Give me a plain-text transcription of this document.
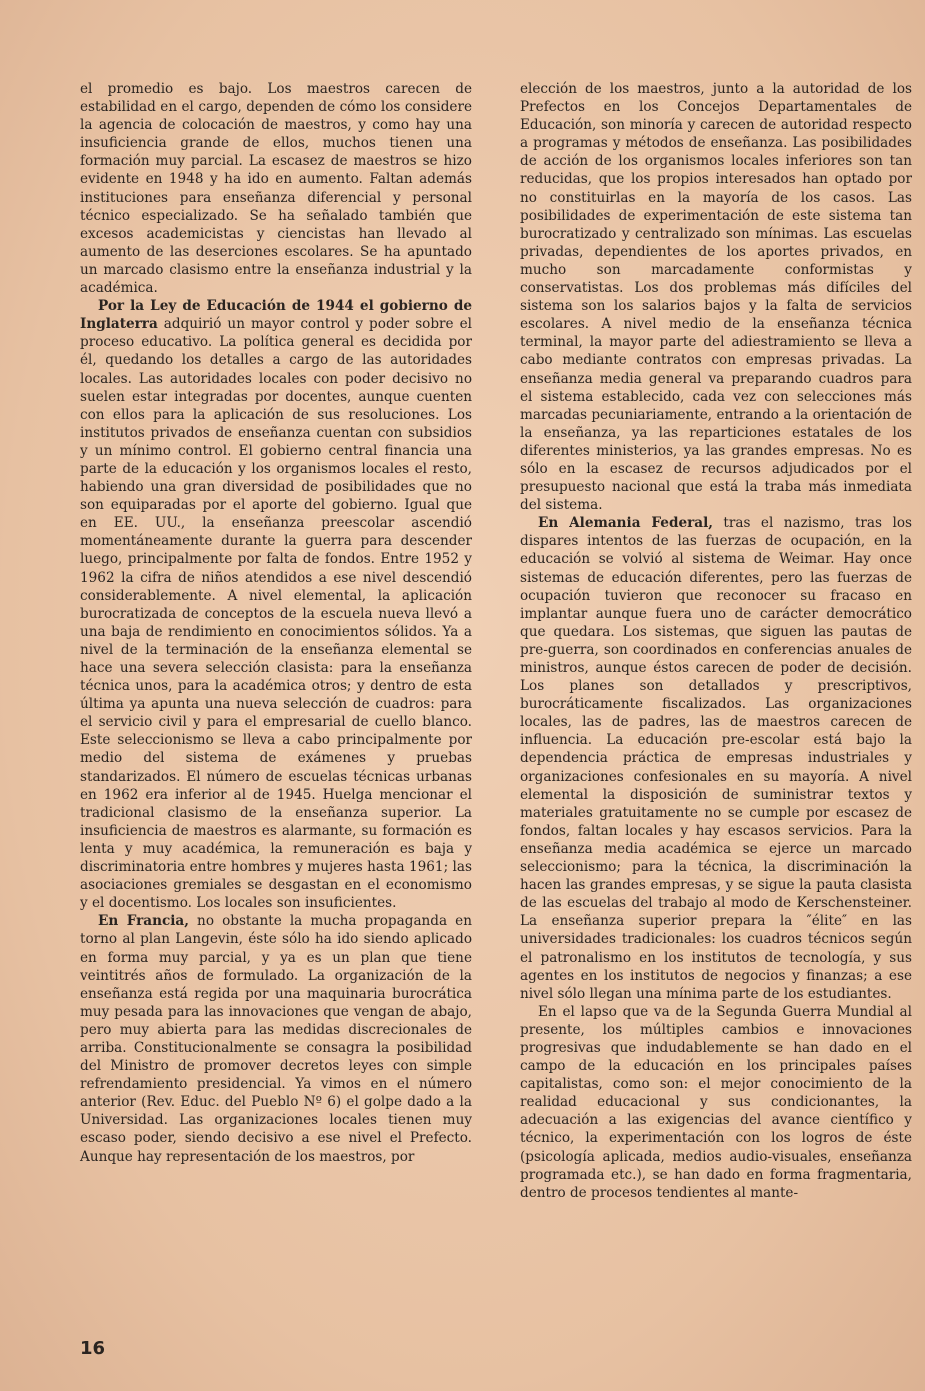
el promedio es bajo. Los maestros carecen de estabilidad en el cargo, dependen de cómo los considere la agencia de colocación de maestros, y como hay una insuficiencia grande de ellos, muchos tienen una formación muy parcial. La escasez de maestros se hizo evidente en 1948 y ha ido en aumento. Faltan además instituciones para enseñanza diferencial y personal técnico especializado. Se ha señalado también que excesos academicistas y ciencistas han llevado al aumento de las deserciones escolares. Se ha apuntado un marcado clasismo entre la enseñanza industrial y la académica.

Por la Ley de Educación de 1944 el gobierno de Inglaterra adquirió un mayor control y poder sobre el proceso educativo. La política general es decidida por él, quedando los detalles a cargo de las autoridades locales. Las autoridades locales con poder decisivo no suelen estar integradas por docentes, aunque cuenten con ellos para la aplicación de sus resoluciones. Los institutos privados de enseñanza cuentan con subsidios y un mínimo control. El gobierno central financia una parte de la educación y los organismos locales el resto, habiendo una gran diversidad de posibilidades que no son equiparadas por el aporte del gobierno. Igual que en EE. UU., la enseñanza preescolar ascendió momentáneamente durante la guerra para descender luego, principalmente por falta de fondos. Entre 1952 y 1962 la cifra de niños atendidos a ese nivel descendió considerablemente. A nivel elemental, la aplicación burocratizada de conceptos de la escuela nueva llevó a una baja de rendimiento en conocimientos sólidos. Ya a nivel de la terminación de la enseñanza elemental se hace una severa selección clasista: para la enseñanza técnica unos, para la académica otros; y dentro de esta última ya apunta una nueva selección de cuadros: para el servicio civil y para el empresarial de cuello blanco. Este seleccionismo se lleva a cabo principalmente por medio del sistema de exámenes y pruebas standarizados. El número de escuelas técnicas urbanas en 1962 era inferior al de 1945. Huelga mencionar el tradicional clasismo de la enseñanza superior. La insuficiencia de maestros es alarmante, su formación es lenta y muy académica, la remuneración es baja y discriminatoria entre hombres y mujeres hasta 1961; las asociaciones gremiales se desgastan en el economismo y el docentismo. Los locales son insuficientes.

En Francia, no obstante la mucha propaganda en torno al plan Langevin, éste sólo ha ido siendo aplicado en forma muy parcial, y ya es un plan que tiene veintitrés años de formulado. La organización de la enseñanza está regida por una maquinaria burocrática muy pesada para las innovaciones que vengan de abajo, pero muy abierta para las medidas discrecionales de arriba. Constitucionalmente se consagra la posibilidad del Ministro de promover decretos leyes con simple refrendamiento presidencial. Ya vimos en el número anterior (Rev. Educ. del Pueblo Nº 6) el golpe dado a la Universidad. Las organizaciones locales tienen muy escaso poder, siendo decisivo a ese nivel el Prefecto. Aunque hay representación de los maestros, por

elección de los maestros, junto a la autoridad de los Prefectos en los Concejos Departamentales de Educación, son minoría y carecen de autoridad respecto a programas y métodos de enseñanza. Las posibilidades de acción de los organismos locales inferiores son tan reducidas, que los propios interesados han optado por no constituirlas en la mayoría de los casos. Las posibilidades de experimentación de este sistema tan burocratizado y centralizado son mínimas. Las escuelas privadas, dependientes de los aportes privados, en mucho son marcadamente conformistas y conservatistas. Los dos problemas más difíciles del sistema son los salarios bajos y la falta de servicios escolares. A nivel medio de la enseñanza técnica terminal, la mayor parte del adiestramiento se lleva a cabo mediante contratos con empresas privadas. La enseñanza media general va preparando cuadros para el sistema establecido, cada vez con selecciones más marcadas pecuniariamente, entrando a la orientación de la enseñanza, ya las reparticiones estatales de los diferentes ministerios, ya las grandes empresas. No es sólo en la escasez de recursos adjudicados por el presupuesto nacional que está la traba más inmediata del sistema.

En Alemania Federal, tras el nazismo, tras los dispares intentos de las fuerzas de ocupación, en la educación se volvió al sistema de Weimar. Hay once sistemas de educación diferentes, pero las fuerzas de ocupación tuvieron que reconocer su fracaso en implantar aunque fuera uno de carácter democrático que quedara. Los sistemas, que siguen las pautas de pre-guerra, son coordinados en conferencias anuales de ministros, aunque éstos carecen de poder de decisión. Los planes son detallados y prescriptivos, burocráticamente fiscalizados. Las organizaciones locales, las de padres, las de maestros carecen de influencia. La educación pre-escolar está bajo la dependencia práctica de empresas industriales y organizaciones confesionales en su mayoría. A nivel elemental la disposición de suministrar textos y materiales gratuitamente no se cumple por escasez de fondos, faltan locales y hay escasos servicios. Para la enseñanza media académica se ejerce un marcado seleccionismo; para la técnica, la discriminación la hacen las grandes empresas, y se sigue la pauta clasista de las escuelas del trabajo al modo de Kerschensteiner. La enseñanza superior prepara la ″élite″ en las universidades tradicionales: los cuadros técnicos según el patronalismo en los institutos de tecnología, y sus agentes en los institutos de negocios y finanzas; a ese nivel sólo llegan una mínima parte de los estudiantes.

En el lapso que va de la Segunda Guerra Mundial al presente, los múltiples cambios e innovaciones progresivas que indudablemente se han dado en el campo de la educación en los principales países capitalistas, como son: el mejor conocimiento de la realidad educacional y sus condicionantes, la adecuación a las exigencias del avance científico y técnico, la experimentación con los logros de éste (psicología aplicada, medios audio-visuales, enseñanza programada etc.), se han dado en forma fragmentaria, dentro de procesos tendientes al mante-

16
